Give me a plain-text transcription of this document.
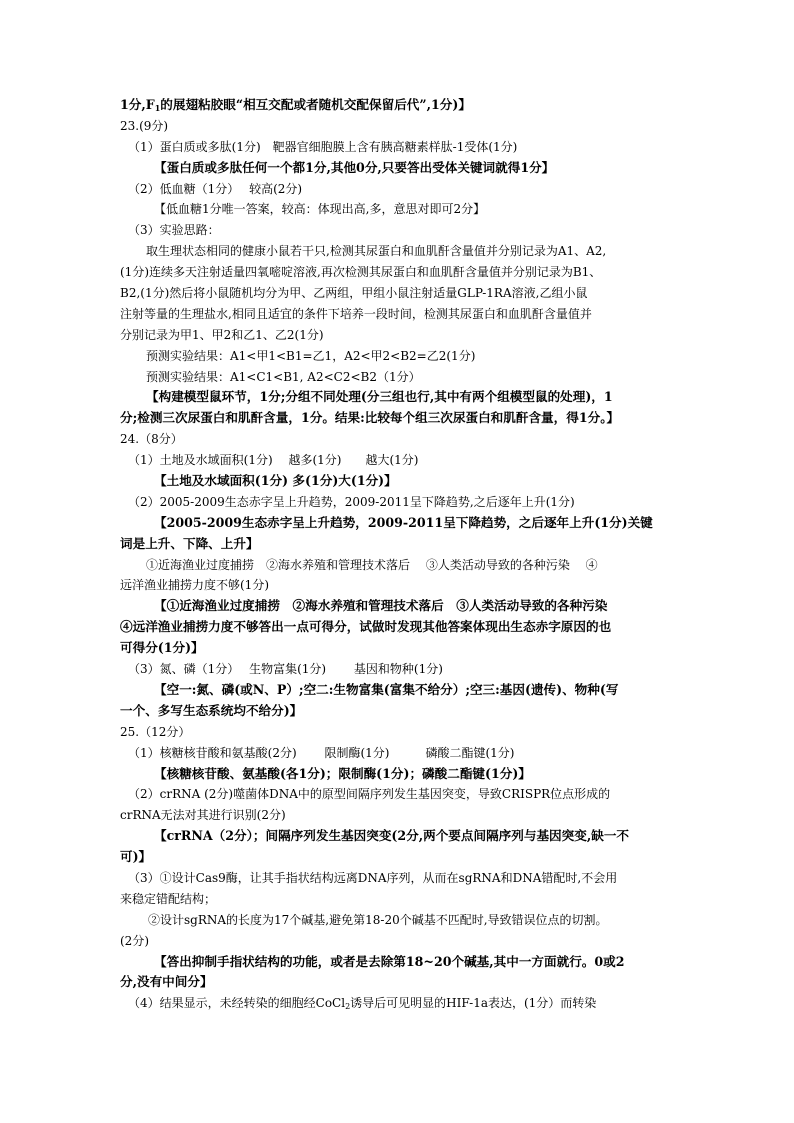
1分$,F_1$的展翅粘胶眼“相互交配或者随机交配保留后代”,1分)】
23.(9分)
（1）蛋白质或多肽(1分)　靶器官细胞膜上含有胰高糖素样肽-1受体(1分)
【蛋白质或多肽任何一个都1分,其他0分,只要答出受体关键词就得1分】
（2）低血糖（1分）　 较高(2分)
【低血糖1分唯一答案，较高：体现出高,多，意思对即可2分】
（3）实验思路：
取生理状态相同的健康小鼠若干只,检测其尿蛋白和血肌酐含量值并分别记录为A1、A2,
(1分)连续多天注射适量四氧嘧啶溶液,再次检测其尿蛋白和血肌酐含量值并分别记录为B1、
B2,(1分)然后将小鼠随机均分为甲、乙两组，甲组小鼠注射适量GLP-1RA溶液,乙组小鼠
注射等量的生理盐水,相同且适宜的条件下培养一段时间，检测其尿蛋白和血肌酐含量值并
分别记录为甲1、甲2和乙1、乙2(1分)
预测实验结果：A1<甲1<B1=乙1，A2<甲2<B2=乙2(1分)
预测实验结果：A1<C1<B1, A2<C2<B2（1分）
【构建模型鼠环节，1分;分组不同处理(分三组也行,其中有两个组模型鼠的处理)，1
分;检测三次尿蛋白和肌酐含量，1分。结果:比较每个组三次尿蛋白和肌酐含量，得1分。】
24.（8分）
（1）土地及水域面积(1分)　 越多(1分)　　越大(1分)
【土地及水域面积(1分) 多(1分)大(1分)】
（2）2005-2009生态赤字呈上升趋势，2009-2011呈下降趋势,之后逐年上升(1分)
【2005-2009生态赤字呈上升趋势，2009-2011呈下降趋势，之后逐年上升(1分)关键
词是上升、下降、上升】
①近海渔业过度捕捞　②海水养殖和管理技术落后　 ③人类活动导致的各种污染　 ④
远洋渔业捕捞力度不够(1分)
【①近海渔业过度捕捞　②海水养殖和管理技术落后　③人类活动导致的各种污染
④远洋渔业捕捞力度不够答出一点可得分，试做时发现其他答案体现出生态赤字原因的也
可得分(1分)】
（3）氮、磷（1分）　 生物富集(1分)　　 基因和物种(1分)
【空一:氮、磷(或N、P）;空二:生物富集(富集不给分）;空三:基因(遗传)、物种(写
一个、多写生态系统均不给分)】
25.（12分）
（1）核糖核苷酸和氨基酸(2分)　　 限制酶(1分)　　　磷酸二酯键(1分)
【核糖核苷酸、氨基酸(各1分)；限制酶(1分)；磷酸二酯键(1分)】
（2）crRNA (2分)噬菌体DNA中的原型间隔序列发生基因突变，导致CRISPR位点形成的
crRNA无法对其进行识别(2分)
【crRNA（2分）；间隔序列发生基因突变(2分,两个要点间隔序列与基因突变,缺一不
可)】
（3）①设计Cas9酶，让其手指状结构远离DNA序列，从而在sgRNA和DNA错配时,不会用
来稳定错配结构；
②设计sgRNA的长度为17个碱基,避免第18-20个碱基不匹配时,导致错误位点的切割。
(2分)
【答出抑制手指状结构的功能，或者是去除第18~20个碱基,其中一方面就行。0或2
分,没有中间分】
（4）结果显示，未经转染的细胞经CoCl$_2$诱导后可见明显的HIF-1a表达，(1分）而转染
